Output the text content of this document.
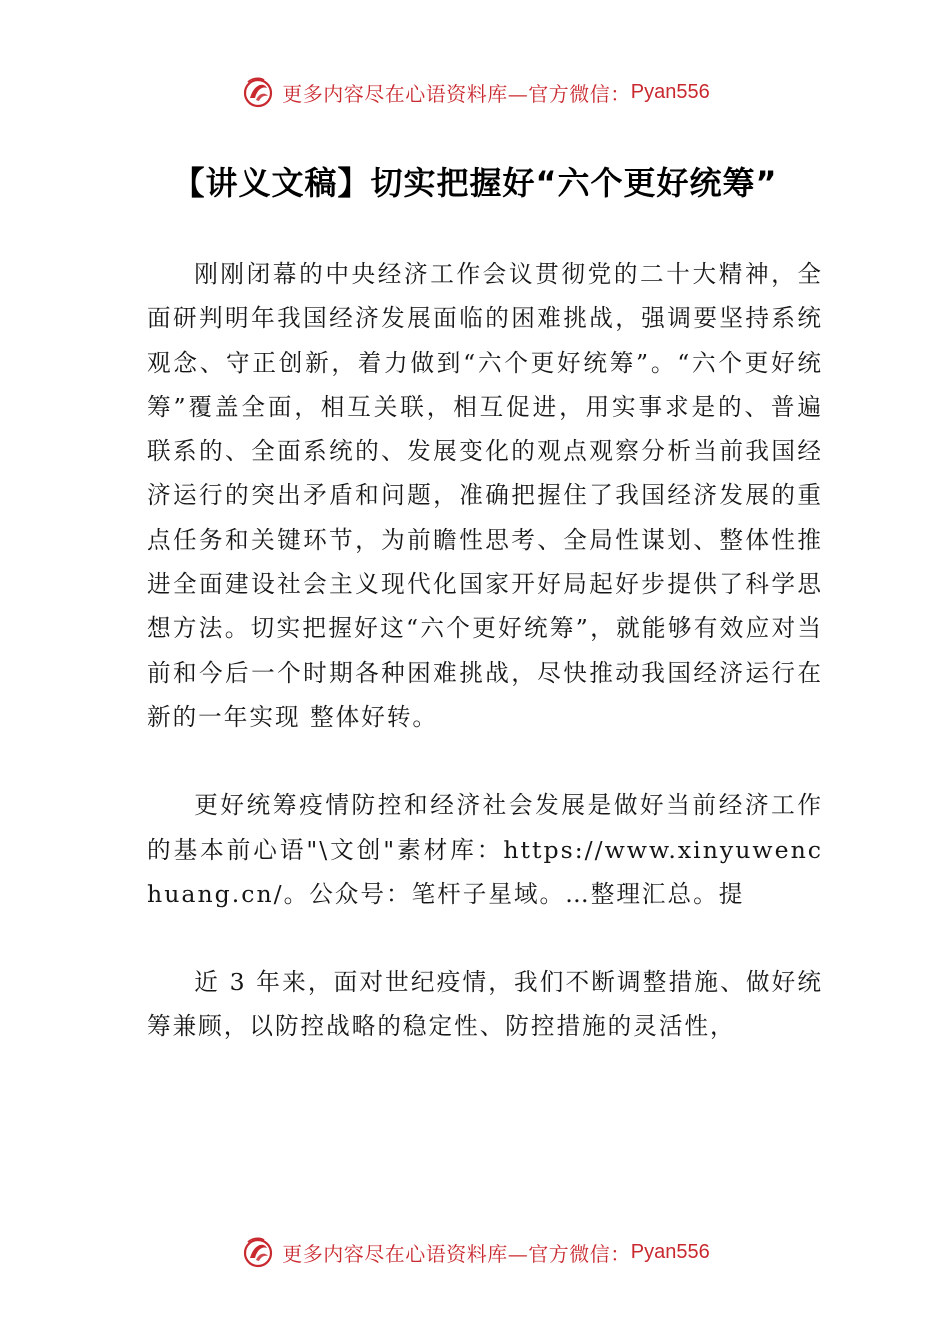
更多内容尽在心语资料库—官方微信： Pyan556
【讲义文稿】切实把握好“六个更好统筹”

刚刚闭幕的中央经济工作会议贯彻党的二十大精神，全面研判明年我国经济发展面临的困难挑战，强调要坚持系统观念、守正创新，着力做到“六个更好统筹”。“六个更好统筹”覆盖全面，相互关联，相互促进，用实事求是的、普遍联系的、全面系统的、发展变化的观点观察分析当前我国经济运行的突出矛盾和问题，准确把握住了我国经济发展的重点任务和关键环节，为前瞻性思考、全局性谋划、整体性推进全面建设社会主义现代化国家开好局起好步提供了科学思想方法。切实把握好这“六个更好统筹”，就能够有效应对当前和今后一个时期各种困难挑战，尽快推动我国经济运行在新的一年实现 整体好转。

更好统筹疫情防控和经济社会发展是做好当前经济工作的基本前心语"\文创"素材库：https://www.xinyuwenchuang.cn/。公众号：笔杆子星域。…整理汇总。提

近 3 年来，面对世纪疫情，我们不断调整措施、做好统筹兼顾，以防控战略的稳定性、防控措施的灵活性，

更多内容尽在心语资料库—官方微信： Pyan556
